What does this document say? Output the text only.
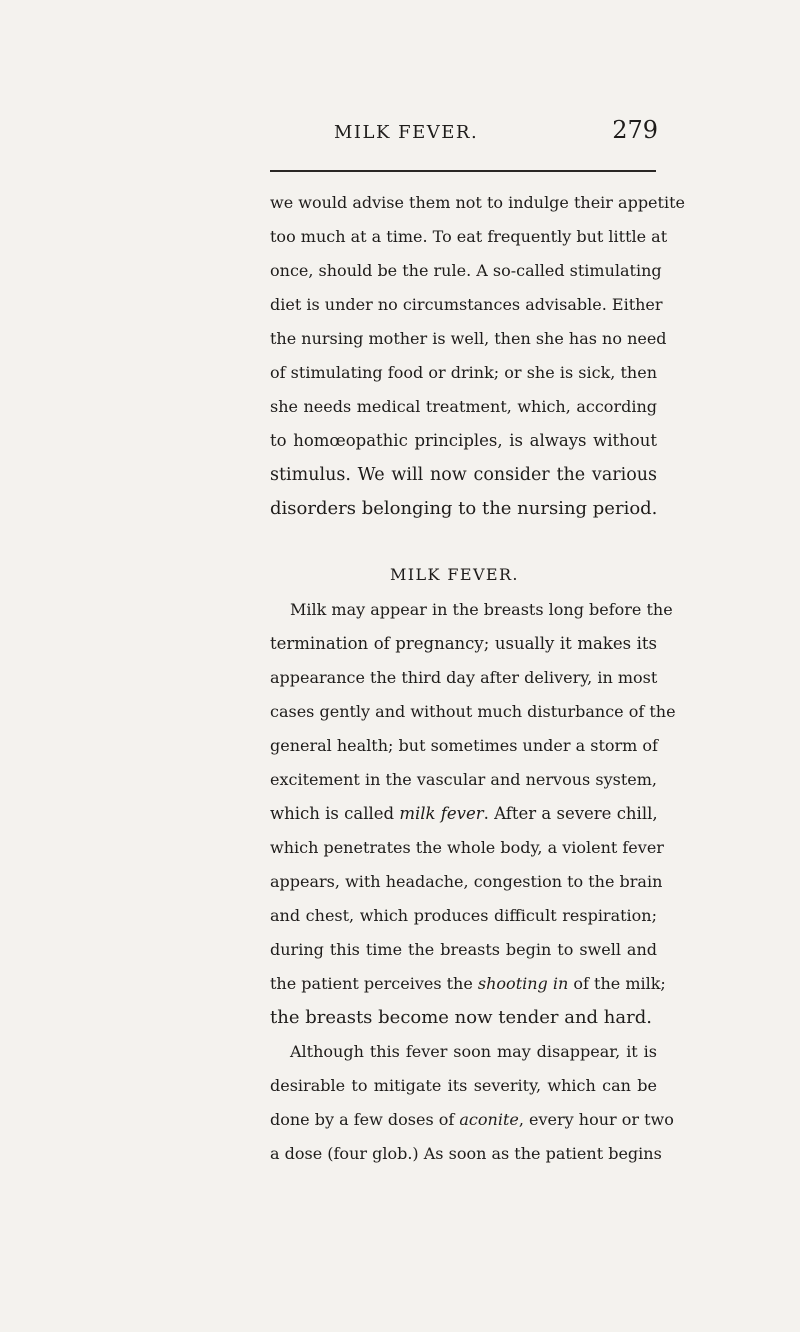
MILK FEVER.	279
we would advise them not to indulge their appetite
too much at a time. To eat frequently but little at
once, should be the rule. A so-called stimulating
diet is under no circumstances advisable. Either
the nursing mother is well, then she has no need
of stimulating food or drink; or she is sick, then
she needs medical treatment, which, according
to homœopathic principles, is always without
stimulus. We will now consider the various
disorders belonging to the nursing period.
MILK FEVER.
Milk may appear in the breasts long before the
termination of pregnancy; usually it makes its
appearance the third day after delivery, in most
cases gently and without much disturbance of the
general health; but sometimes under a storm of
excitement in the vascular and nervous system,
which is called milk fever. After a severe chill,
which penetrates the whole body, a violent fever
appears, with headache, congestion to the brain
and chest, which produces difficult respiration;
during this time the breasts begin to swell and
the patient perceives the shooting in of the milk;
the breasts become now tender and hard.
Although this fever soon may disappear, it is
desirable to mitigate its severity, which can be
done by a few doses of aconite, every hour or two
a dose (four glob.) As soon as the patient begins
